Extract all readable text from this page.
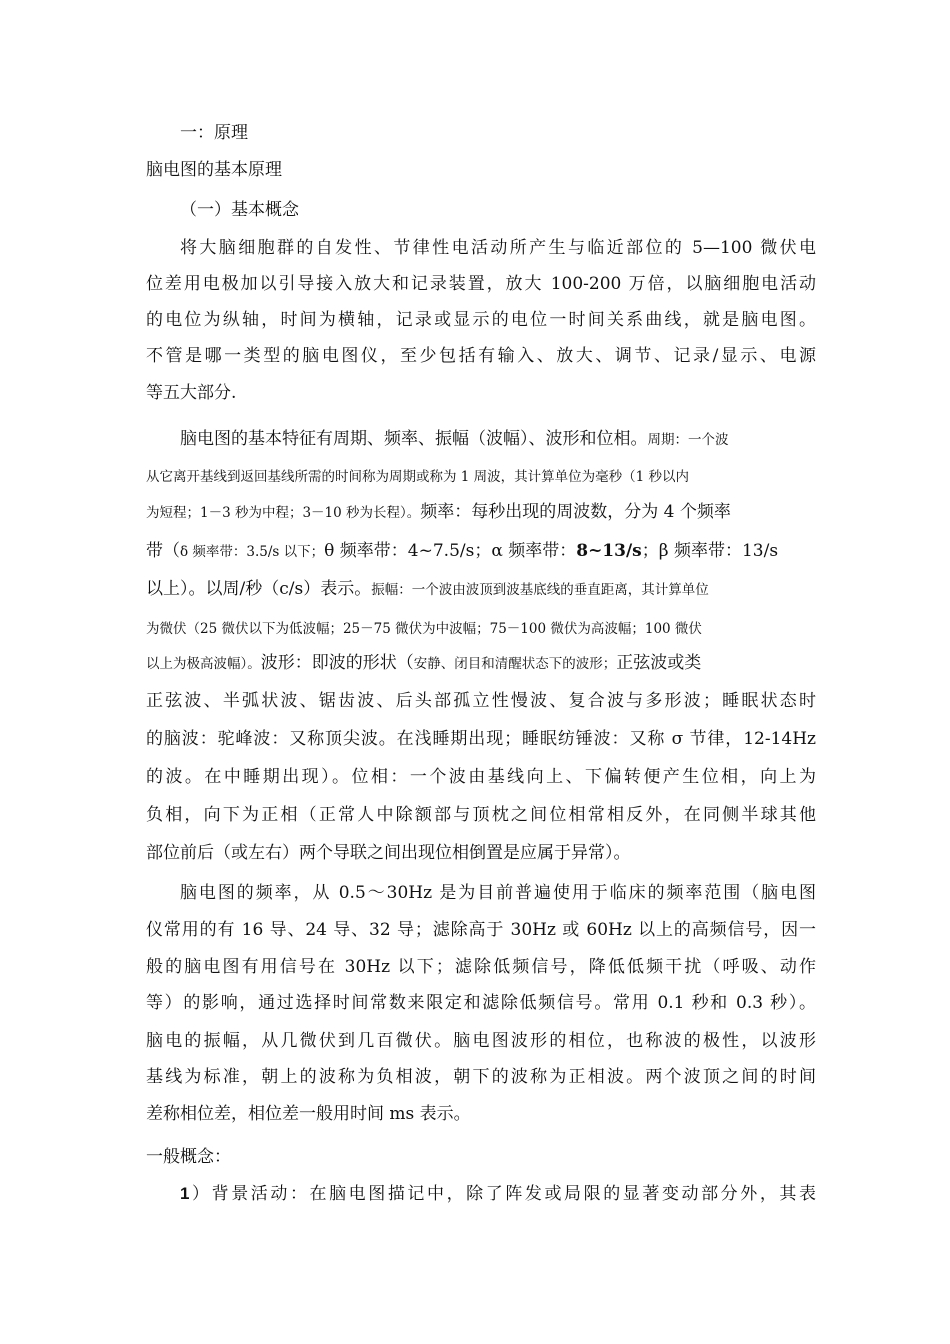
一：原理
脑电图的基本原理
（一）基本概念
将大脑细胞群的自发性、节律性电活动所产生与临近部位的 5—100 微伏电
位差用电极加以引导接入放大和记录装置，放大 100-200 万倍，以脑细胞电活动
的电位为纵轴，时间为横轴，记录或显示的电位一时间关系曲线，就是脑电图。
不管是哪一类型的脑电图仪，至少包括有输入、放大、调节、记录/显示、电源
等五大部分.
脑电图的基本特征有周期、频率、振幅（波幅）、波形和位相。周期：一个波
从它离开基线到返回基线所需的时间称为周期或称为 1 周波，其计算单位为毫秒（1 秒以内
为短程；1－3 秒为中程；3－10 秒为长程）。频率：每秒出现的周波数，分为 4 个频率
带（δ 频率带：3.5/s 以下；θ 频率带：4~7.5/s；α 频率带：8~13/s；β 频率带：13/s
以上）。以周/秒（c/s）表示。振幅：一个波由波顶到波基底线的垂直距离，其计算单位
为微伏（25 微伏以下为低波幅；25－75 微伏为中波幅；75－100 微伏为高波幅；100 微伏
以上为极高波幅）。波形：即波的形状（安静、闭目和清醒状态下的波形；正弦波或类
正弦波、半弧状波、锯齿波、后头部孤立性慢波、复合波与多形波；睡眠状态时
的脑波：驼峰波：又称顶尖波。在浅睡期出现；睡眠纺锤波：又称 σ 节律，12-14Hz
的波。在中睡期出现）。位相：一个波由基线向上、下偏转便产生位相，向上为
负相，向下为正相（正常人中除额部与顶枕之间位相常相反外，在同侧半球其他
部位前后（或左右）两个导联之间出现位相倒置是应属于异常）。
脑电图的频率，从 0.5～30Hz 是为目前普遍使用于临床的频率范围（脑电图
仪常用的有 16 导、24 导、32 导；滤除高于 30Hz 或 60Hz 以上的高频信号，因一
般的脑电图有用信号在 30Hz 以下；滤除低频信号，降低低频干扰（呼吸、动作
等）的影响，通过选择时间常数来限定和滤除低频信号。常用 0.1 秒和 0.3 秒）。
脑电的振幅，从几微伏到几百微伏。脑电图波形的相位，也称波的极性，以波形
基线为标准，朝上的波称为负相波，朝下的波称为正相波。两个波顶之间的时间
差称相位差，相位差一般用时间 ms 表示。
一般概念：
1）背景活动：在脑电图描记中，除了阵发或局限的显著变动部分外，其表
